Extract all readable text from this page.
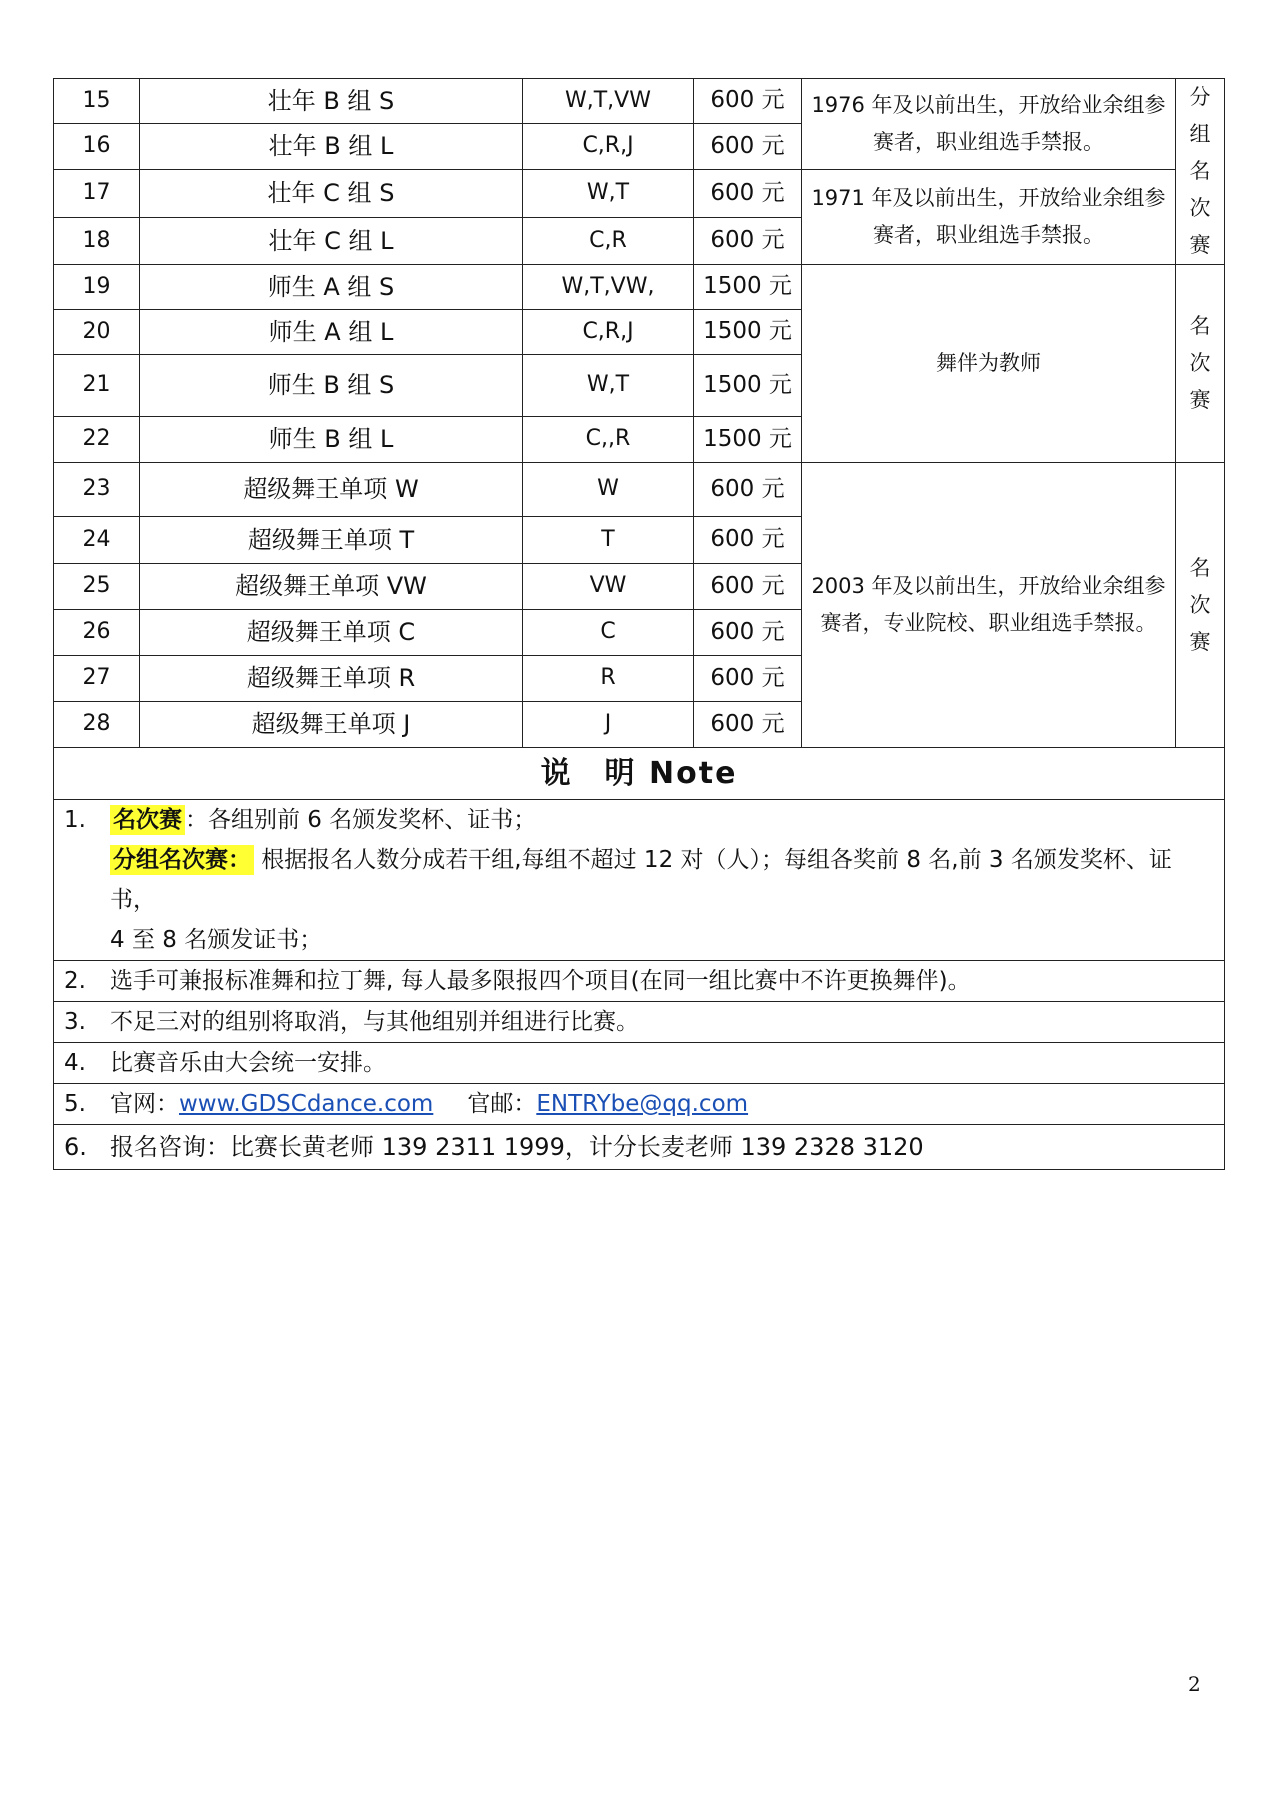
15	壮年 B 组 S	W,T,VW	600 元	1976 年及以前出生，开放给业余组参赛者，职业组选手禁报。	分
组
名
次
赛

16	壮年 B 组 L	C,R,J	600 元		
17	壮年 C 组 S	W,T	600 元	1971 年及以前出生，开放给业余组参赛者，职业组选手禁报。	
18	壮年 C 组 L	C,R	600 元		
19	师生 A 组 S	W,T,VW,	1500 元	舞伴为教师	名
次
赛

20	师生 A 组 L	C,R,J	1500 元		
21	师生 B 组 S	W,T	1500 元		
22	师生 B 组 L	C,,R	1500 元		
23	超级舞王单项 W	W	600 元	2003 年及以前出生，开放给业余组参赛者，专业院校、职业组选手禁报。	名
次
赛

24	超级舞王单项 T	T	600 元		
25	超级舞王单项 VW	VW	600 元		
26	超级舞王单项 C	C	600 元		
27	超级舞王单项 R	R	600 元		
28	超级舞王单项 J	J	600 元		
说　明 Note					

1. 名次赛 ：各组别前 6 名颁发奖杯、证书；
分组名次赛： 根据报名人数分成若干组,每组不超过 12 对（人）；每组各奖前 8 名,前 3 名颁发奖杯、证书，
4 至 8 名颁发证书；					

2. 选手可兼报标准舞和拉丁舞, 每人最多限报四个项目(在同一组比赛中不许更换舞伴)。					
3. 不足三对的组别将取消，与其他组别并组进行比赛。					
4. 比赛音乐由大会统一安排。					
5. 官网：www.GDSCdance.com 官邮：ENTRYbe@qq.com					
6. 报名咨询：比赛长黄老师 139 2311 1999，计分长麦老师 139 2328 3120					
2
